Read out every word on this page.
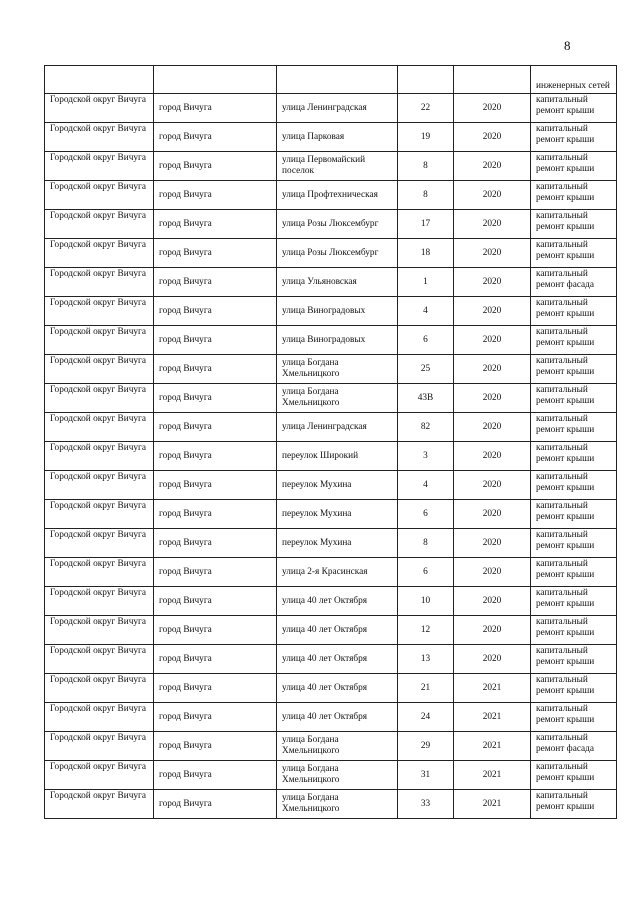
8
					инженерных сетей
Городской округ Вичуга	город Вичуга	улица Ленинградская	22	2020	капитальный ремонт крыши
Городской округ Вичуга	город Вичуга	улица Парковая	19	2020	капитальный ремонт крыши
Городской округ Вичуга	город Вичуга	улица Первомайский поселок	8	2020	капитальный ремонт крыши
Городской округ Вичуга	город Вичуга	улица Профтехническая	8	2020	капитальный ремонт крыши
Городской округ Вичуга	город Вичуга	улица Розы Люксембург	17	2020	капитальный ремонт крыши
Городской округ Вичуга	город Вичуга	улица Розы Люксембург	18	2020	капитальный ремонт крыши
Городской округ Вичуга	город Вичуга	улица Ульяновская	1	2020	капитальный ремонт фасада
Городской округ Вичуга	город Вичуга	улица Виноградовых	4	2020	капитальный ремонт крыши
Городской округ Вичуга	город Вичуга	улица Виноградовых	6	2020	капитальный ремонт крыши
Городской округ Вичуга	город Вичуга	улица Богдана Хмельницкого	25	2020	капитальный ремонт крыши
Городской округ Вичуга	город Вичуга	улица Богдана Хмельницкого	43В	2020	капитальный ремонт крыши
Городской округ Вичуга	город Вичуга	улица Ленинградская	82	2020	капитальный ремонт крыши
Городской округ Вичуга	город Вичуга	переулок Широкий	3	2020	капитальный ремонт крыши
Городской округ Вичуга	город Вичуга	переулок Мухина	4	2020	капитальный ремонт крыши
Городской округ Вичуга	город Вичуга	переулок Мухина	6	2020	капитальный ремонт крыши
Городской округ Вичуга	город Вичуга	переулок Мухина	8	2020	капитальный ремонт крыши
Городской округ Вичуга	город Вичуга	улица 2-я Красинская	6	2020	капитальный ремонт крыши
Городской округ Вичуга	город Вичуга	улица 40 лет Октября	10	2020	капитальный ремонт крыши
Городской округ Вичуга	город Вичуга	улица 40 лет Октября	12	2020	капитальный ремонт крыши
Городской округ Вичуга	город Вичуга	улица 40 лет Октября	13	2020	капитальный ремонт крыши
Городской округ Вичуга	город Вичуга	улица 40 лет Октября	21	2021	капитальный ремонт крыши
Городской округ Вичуга	город Вичуга	улица 40 лет Октября	24	2021	капитальный ремонт крыши
Городской округ Вичуга	город Вичуга	улица Богдана Хмельницкого	29	2021	капитальный ремонт фасада
Городской округ Вичуга	город Вичуга	улица Богдана Хмельницкого	31	2021	капитальный ремонт крыши
Городской округ Вичуга	город Вичуга	улица Богдана Хмельницкого	33	2021	капитальный ремонт крыши
